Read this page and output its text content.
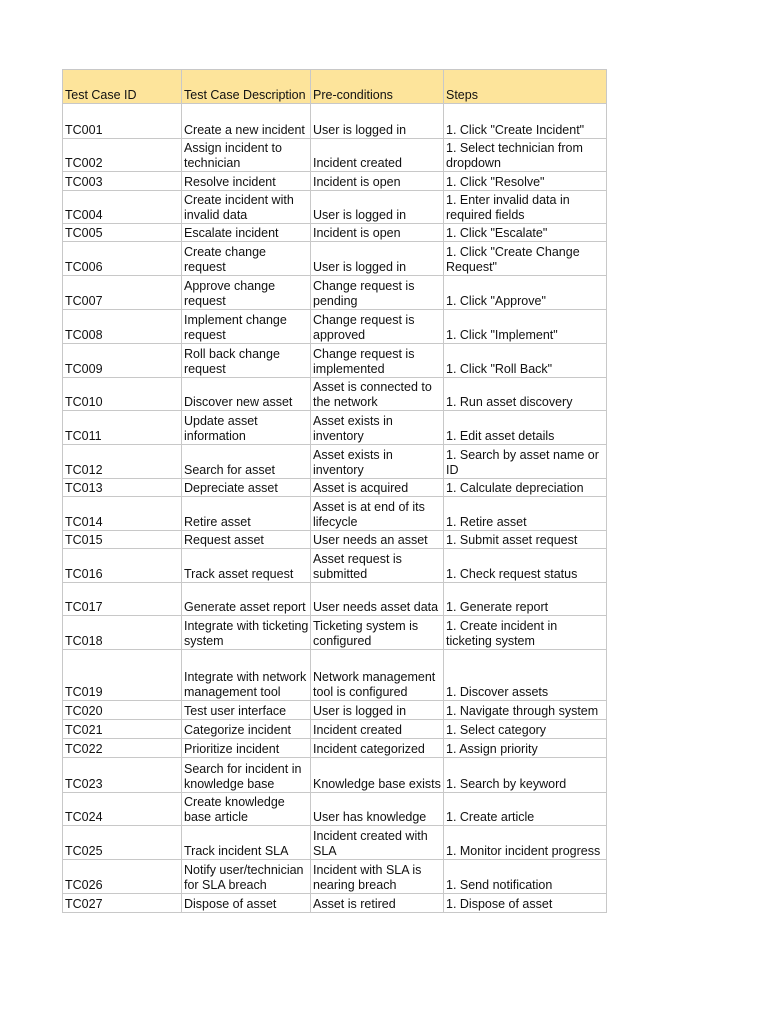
Test Case ID	Test Case Description	Pre-conditions	Steps
TC001	Create a new incident	User is logged in	1. Click "Create Incident"
TC002	Assign incident to
technician	Incident created	1. Select technician from
dropdown
TC003	Resolve incident	Incident is open	1. Click "Resolve"
TC004	Create incident with
invalid data	User is logged in	1. Enter invalid data in
required fields
TC005	Escalate incident	Incident is open	1. Click "Escalate"
TC006	Create change
request	User is logged in	1. Click "Create Change
Request"
TC007	Approve change
request	Change request is
pending	1. Click "Approve"
TC008	Implement change
request	Change request is
approved	1. Click "Implement"
TC009	Roll back change
request	Change request is
implemented	1. Click "Roll Back"
TC010	Discover new asset	Asset is connected to
the network	1. Run asset discovery
TC011	Update asset
information	Asset exists in
inventory	1. Edit asset details
TC012	Search for asset	Asset exists in
inventory	1. Search by asset name or
ID
TC013	Depreciate asset	Asset is acquired	1. Calculate depreciation
TC014	Retire asset	Asset is at end of its
lifecycle	1. Retire asset
TC015	Request asset	User needs an asset	1. Submit asset request
TC016	Track asset request	Asset request is
submitted	1. Check request status
TC017	Generate asset report	User needs asset data	1. Generate report
TC018	Integrate with ticketing
system	Ticketing system is
configured	1. Create incident in
ticketing system
TC019	Integrate with network
management tool	Network management
tool is configured	1. Discover assets
TC020	Test user interface	User is logged in	1. Navigate through system
TC021	Categorize incident	Incident created	1. Select category
TC022	Prioritize incident	Incident categorized	1. Assign priority
TC023	Search for incident in
knowledge base	Knowledge base exists	1. Search by keyword
TC024	Create knowledge
base article	User has knowledge	1. Create article
TC025	Track incident SLA	Incident created with
SLA	1. Monitor incident progress
TC026	Notify user/technician
for SLA breach	Incident with SLA is
nearing breach	1. Send notification
TC027	Dispose of asset	Asset is retired	1. Dispose of asset
